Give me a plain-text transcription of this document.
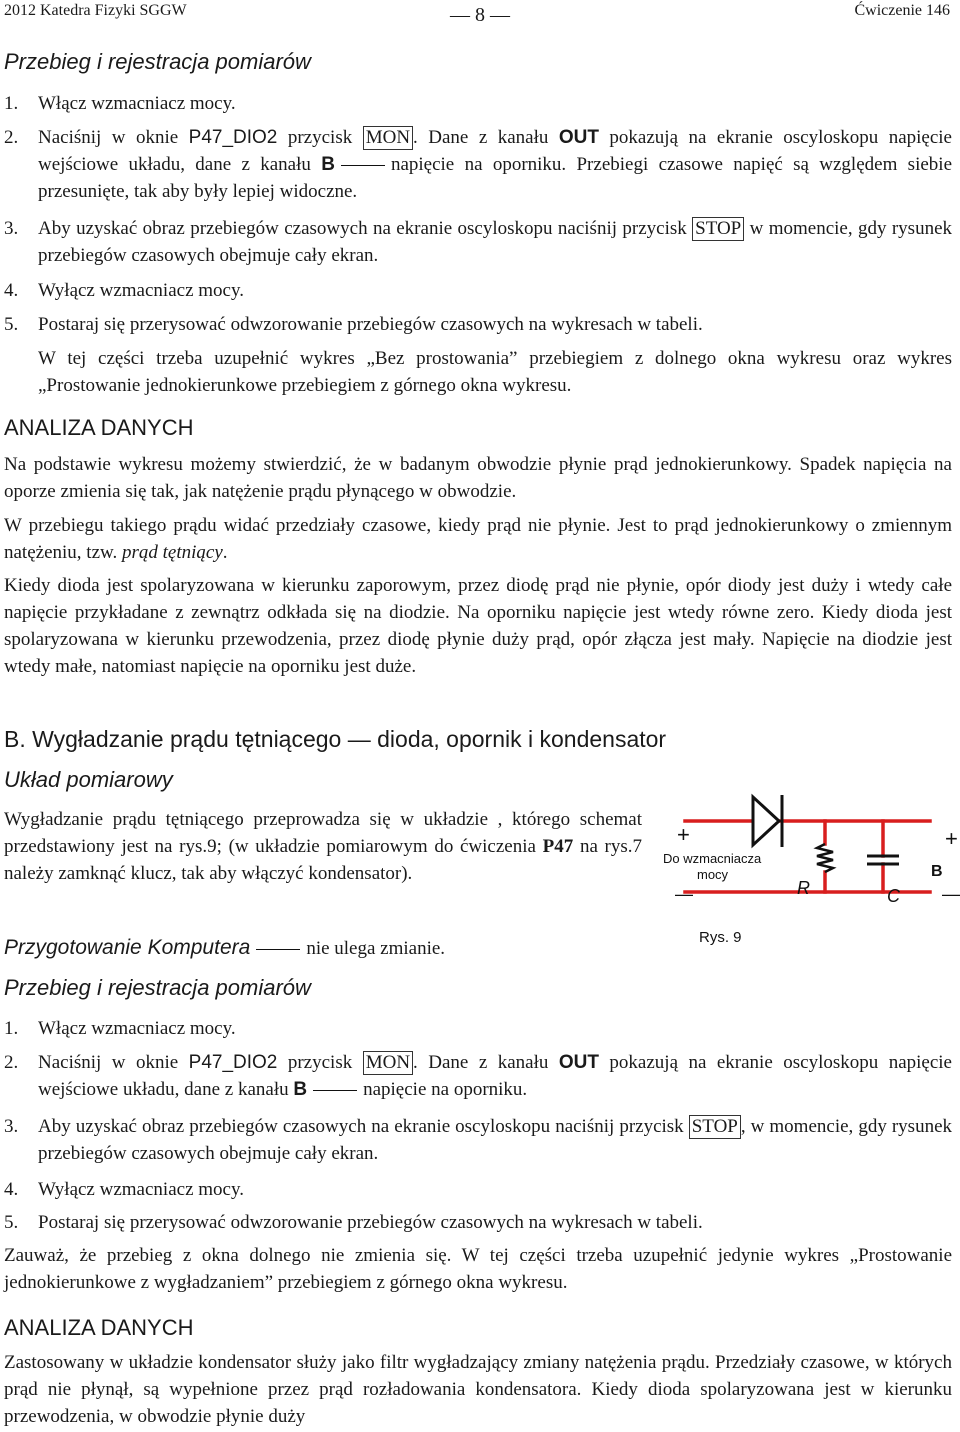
2012 Katedra Fizyki SGGW	— 8 —	Ćwiczenie 146
Przebieg i rejestracja pomiarów
1. Włącz wzmacniacz mocy.
2. Naciśnij w oknie P47_DIO2 przycisk MON . Dane z kanału OUT pokazują na ekranie oscyloskopu napięcie wejściowe układu, dane z kanału B	napięcie na oporniku. Przebiegi czasowe napięć są względem siebie przesunięte, tak aby były lepiej widoczne.
3. Aby uzyskać obraz przebiegów czasowych na ekranie oscyloskopu naciśnij przycisk STOP w momencie, gdy rysunek przebiegów czasowych obejmuje cały ekran.
4. Wyłącz wzmacniacz mocy.
5. Postaraj się przerysować odwzorowanie przebiegów czasowych na wykresach w tabeli.
W tej części trzeba uzupełnić wykres „Bez prostowania” przebiegiem z dolnego okna wykresu oraz wykres „Prostowanie jednokierunkowe przebiegiem z górnego okna wykresu.
ANALIZA DANYCH
Na podstawie wykresu możemy stwierdzić, że w badanym obwodzie płynie prąd jednokierunkowy. Spadek napięcia na oporze zmienia się tak, jak natężenie prądu płynącego w obwodzie.
W przebiegu takiego prądu widać przedziały czasowe, kiedy prąd nie płynie. Jest to prąd jednokierunkowy o zmiennym natężeniu, tzw. prąd tętniący.
Kiedy dioda jest spolaryzowana w kierunku zaporowym, przez diodę prąd nie płynie, opór diody jest duży i wtedy całe napięcie przykładane z zewnątrz odkłada się na diodzie. Na oporniku napięcie jest wtedy równe zero. Kiedy dioda jest spolaryzowana w kierunku przewodzenia, przez diodę płynie duży prąd, opór złącza jest mały. Napięcie na diodzie jest wtedy małe, natomiast napięcie na oporniku jest duże.
B. Wygładzanie prądu tętniącego — dioda, opornik i kondensator
Układ pomiarowy
Wygładzanie prądu tętniącego przeprowadza się w układzie , którego schemat przedstawiony jest na rys.9; (w układzie pomiarowym do ćwiczenia P47 na rys.7 należy zamknąć klucz, tak aby włączyć kondensator).
Przygotowanie Komputera	nie ulega zmianie.
+
—
Do wzmacniacza
mocy
R	C
B
+
—
Rys. 9
Przebieg i rejestracja pomiarów
1. Włącz wzmacniacz mocy.
2. Naciśnij w oknie P47_DIO2 przycisk MON . Dane z kanału OUT pokazują na ekranie oscyloskopu napięcie wejściowe układu, dane z kanału B	napięcie na oporniku.
3. Aby uzyskać obraz przebiegów czasowych na ekranie oscyloskopu naciśnij przycisk STOP , w momencie, gdy rysunek przebiegów czasowych obejmuje cały ekran.
4. Wyłącz wzmacniacz mocy.
5. Postaraj się przerysować odwzorowanie przebiegów czasowych na wykresach w tabeli.
Zauważ, że przebieg z okna dolnego nie zmienia się. W tej części trzeba uzupełnić jedynie wykres „Prostowanie jednokierunkowe z wygładzaniem” przebiegiem z górnego okna wykresu.
ANALIZA DANYCH
Zastosowany w układzie kondensator służy jako filtr wygładzający zmiany natężenia prądu. Przedziały czasowe, w których prąd nie płynął, są wypełnione przez prąd rozładowania kondensatora. Kiedy dioda spolaryzowana jest w kierunku przewodzenia, w obwodzie płynie duży
